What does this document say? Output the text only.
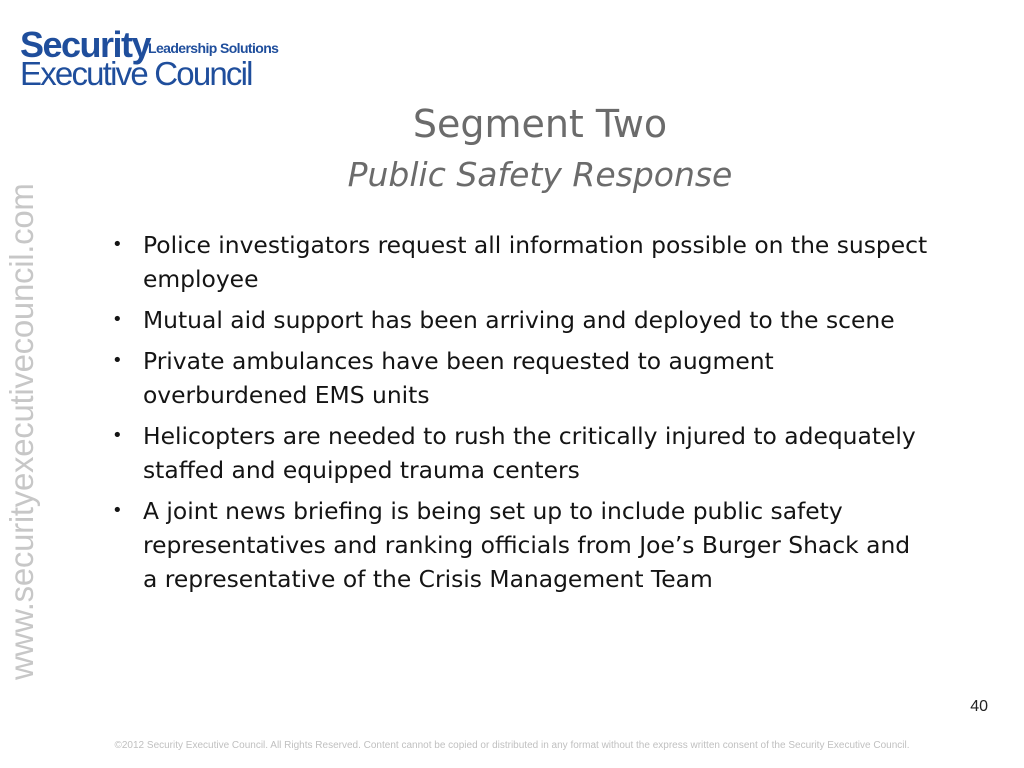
Security
Leadership Solutions
Executive Council
www.securityexecutivecouncil.com
Segment Two
Public Safety Response
• Police investigators request all information possible on the suspect employee
• Mutual aid support has been arriving and deployed to the scene
• Private ambulances have been requested to augment overburdened EMS units
• Helicopters are needed to rush the critically injured to adequately staffed and equipped trauma centers
• A joint news briefing is being set up to include public safety representatives and ranking officials from Joe’s Burger Shack and a representative of the Crisis Management Team
40
©2012 Security Executive Council. All Rights Reserved. Content cannot be copied or distributed in any format without the express written consent of the Security Executive Council.
